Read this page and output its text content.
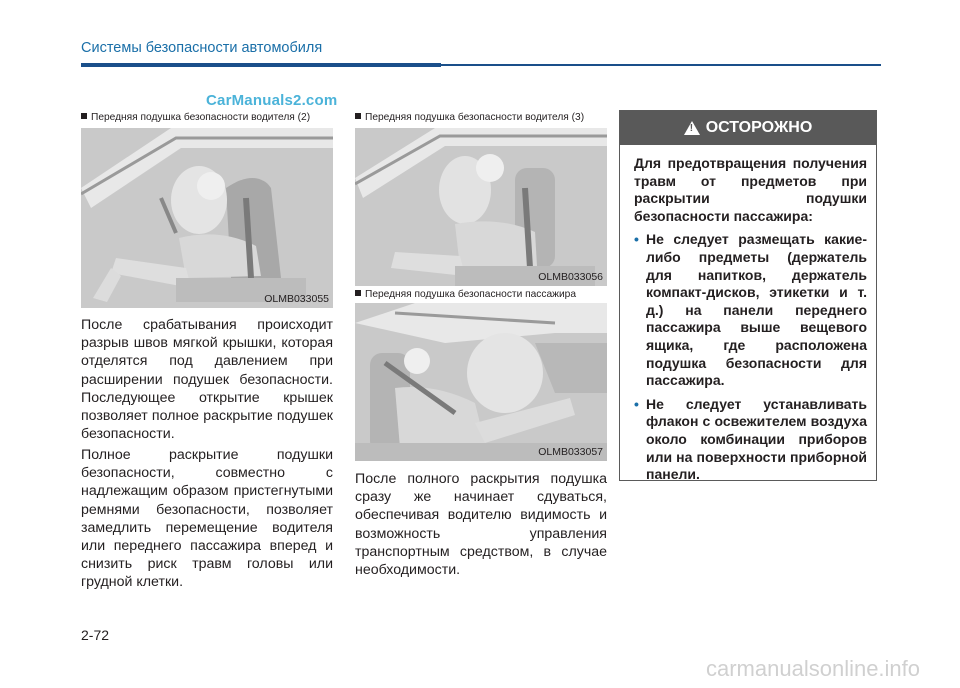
Системы безопасности автомобиля
CarManuals2.com
Передняя подушка безопасности водителя (2)
OLMB033055
После срабатывания происходит разрыв швов мягкой крышки, которая отделятся под давлением при расширении подушек безопасности. Последующее открытие крышек позволяет полное раскрытие подушек безопасности.
Полное раскрытие подушки безопасности, совместно с надлежащим образом пристегнутыми ремнями безопасности, позволяет замедлить перемещение водителя или переднего пассажира вперед и снизить риск травм головы или грудной клетки.
Передняя подушка безопасности водителя (3)
OLMB033056
Передняя подушка безопасности пассажира
OLMB033057
После полного раскрытия подушка сразу же начинает сдуваться, обеспечивая водителю видимость и возможность управления транспортным средством, в случае необходимости.
! ОСТОРОЖНО
Для предотвращения получения травм от предметов при раскрытии подушки безопасности пассажира:
• Не следует размещать какие-либо предметы (держатель для напитков, держатель компакт-дисков, этикетки и т. д.) на панели переднего пассажира выше вещевого ящика, где расположена подушка безопасности для пассажира.
• Не следует устанавливать флакон с освежителем воздуха около комбинации приборов или на поверхности приборной панели.
2-72
carmanualsonline.info
